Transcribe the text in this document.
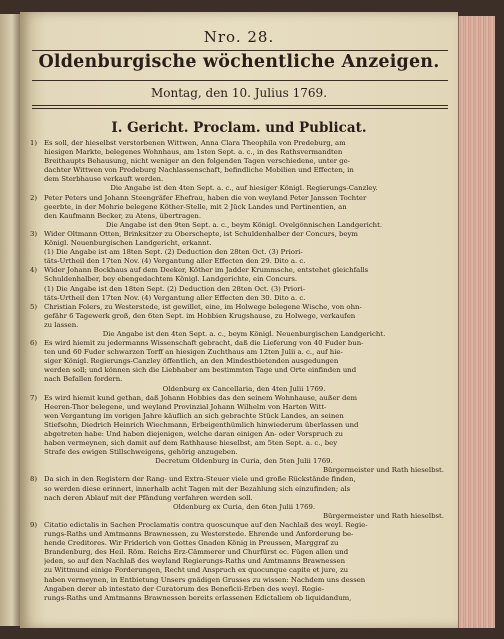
Nro. 28.
Oldenburgische wöchentliche Anzeigen.
Montag, den 10. Julius 1769.
I. Gericht. Proclam. und Publicat.
1) Es soll, der hieselbst verstorbenen Wittwen, Anna Clara Theophila von Predeburg, am
hiesigen Markte, belegenes Wohnhaus, am 1sten Sept. a. c., in des Rathsvermandten
Breithaupts Behausung, nicht weniger an den folgenden Tagen verschiedene, unter ge-
dachter Wittwen von Predeburg Nachlassenschaft, befindliche Mobilien und Effecten, in
dem Sterbhause verkauft werden.
Die Angabe ist den 4ten Sept. a. c., auf hiesiger Königl. Regierungs-Canzley.
2) Peter Peters und Johann Steengräfer Ehefrau, haben die von weyland Peter Janssen Tochter
geerbte, in der Mohrie belegene Köther-Stelle, mit 2 Jück Landes und Pertinentien, an
den Kaufmann Becker, zu Atens, übertragen.
Die Angabe ist den 9ten Sept. a. c., beym Königl. Ovelgönnischen Landgericht.
3) Wider Oltmann Otten, Brinksitzer zu Oberschepte, ist Schuldenhalber der Concurs, beym
Königl. Neuenburgischen Landgericht, erkannt.
(1) Die Angabe ist am 18ten Sept. (2) Deduction den 28ten Oct. (3) Priori-
täts-Urtheil den 17ten Nov. (4) Vergantung aller Effecten den 29. Dito a. c.
4) Wider Johann Bockhaus auf dem Deeker, Köther im Jadder Krummsche, entstehet gleichfalls
Schuldenhalber, bey ebengedachtem Königl. Landgerichte, ein Concurs.
(1) Die Angabe ist den 18ten Sept. (2) Deduction den 28ten Oct. (3) Priori-
täts-Urtheil den 17ten Nov. (4) Vergantung aller Effecten den 30. Dito a. c.
5) Christian Folers, zu Westerstede, ist gewillet, eine, im Holwege belegene Wische, von ohn-
gefähr 6 Tagewerk groß, den 6ten Sept. im Hobbien Krugshause, zu Holwege, verkaufen
zu lassen.
Die Angabe ist den 4ten Sept. a. c., beym Königl. Neuenburgischen Landgericht.
6) Es wird hiemit zu jedermanns Wissenschaft gebracht, daß die Lieferung von 40 Fuder bun-
ten und 60 Fuder schwarzen Torff an hiesigen Zuchthaus am 12ten Julii a. c., auf hie-
siger Königl. Regierungs-Canzley öffentlich, an den Mindestbietenden ausgedungen
werden soll; und können sich die Liebhaber am bestimmten Tage und Orte einfinden und
nach Befallen fordern.
Oldenburg ex Cancellaria, den 4ten Julii 1769.
7) Es wird hiemit kund gethan, daß Johann Hobbies das den seinem Wohnhause, außer dem
Heeren-Thor belegene, und weyland Provinzial Johann Wilhelm von Harten Witt-
wen Vergantung im vorigen Jahre käuflich an sich gebrachte Stück Landes, an seinen
Stiefsohn, Diedrich Heinrich Wiechmann, Erbeigenthümlich hinwiederum überlassen und
abgetreten habe: Und haben diejenigen, welche daran einigen An- oder Vorspruch zu
haben vermeynen, sich damit auf dem Rathhause hieselbst, am 5ten Sept. a. c., bey
Strafe des ewigen Stillschweigens, gehörig anzugeben.
Decretum Oldenburg in Curia, den 5ten Julii 1769.
Bürgermeister und Rath hieselbst.
8) Da sich in den Registern der Rang- und Extra-Steuer viele und große Rückstände finden,
so werden diese erinnert, innerhalb acht Tagen mit der Bezahlung sich einzufinden; als
nach deren Ablauf mit der Pfändung verfahren werden soll.
Oldenburg ex Curia, den 6ten Julii 1769.
Bürgermeister und Rath hieselbst.
9) Citatio edictalis in Sachen Proclamatis contra quoscunque auf den Nachlaß des weyl. Regie-
rungs-Raths und Amtmanns Brawnessen, zu Westerstede. Ehrende und Anforderung be-
hende Creditores. Wir Friderich von Gottes Gnaden König in Preussen, Marggraf zu
Brandenburg, des Heil. Röm. Reichs Erz-Cämmerer und Churfürst ec. Fügen allen und
jeden, so auf den Nachlaß des weyland Regierungs-Raths und Amtmanns Brawnessen
zu Wittmund einige Forderungen, Recht und Anspruch ex quocunque capite et jure, zu
haben vermeynen, in Entbietung Unsers gnädigen Grusses zu wissen: Nachdem uns dessen
Angaben derer ab intestato der Curatorum des Beneficii-Erben des weyl. Regie-
rungs-Raths und Amtmanns Brawnessen bereits erlassenen Edictaliem ob liquidandum,
